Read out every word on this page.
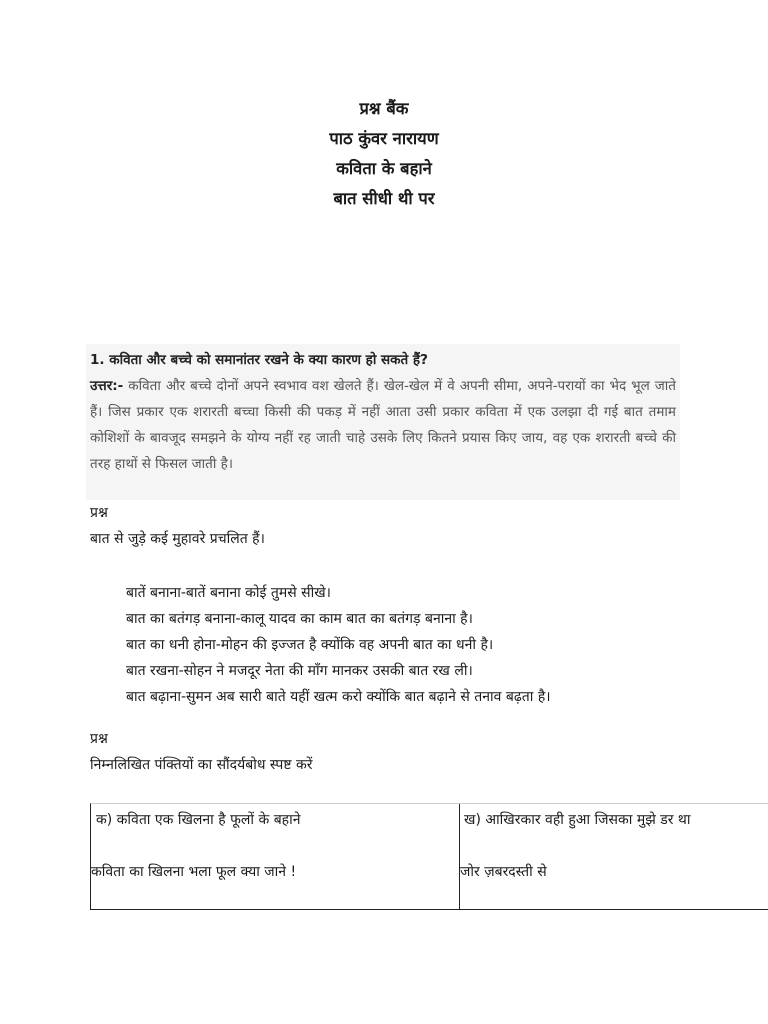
प्रश्न बैंक
पाठ कुंवर नारायण
कविता के बहाने
बात सीधी थी पर
1. कविता और बच्चे को समानांतर रखने के क्या कारण हो सकते हैं?
उत्तर:- कविता और बच्चे दोनों अपने स्वभाव वश खेलते हैं। खेल-खेल में वे अपनी सीमा, अपने-परायों का भेद भूल जाते हैं। जिस प्रकार एक शरारती बच्चा किसी की पकड़ में नहीं आता उसी प्रकार कविता में एक उलझा दी गई बात तमाम कोशिशों के बावजूद समझने के योग्य नहीं रह जाती चाहे उसके लिए कितने प्रयास किए जाय, वह एक शरारती बच्चे की तरह हाथों से फिसल जाती है।
प्रश्न
बात से जुड़े कई मुहावरे प्रचलित हैं।
बातें बनाना-बातें बनाना कोई तुमसे सीखे।
बात का बतंगड़ बनाना-कालू यादव का काम बात का बतंगड़ बनाना है।
बात का धनी होना-मोहन की इज्जत है क्योंकि वह अपनी बात का धनी है।
बात रखना-सोहन ने मजदूर नेता की माँग मानकर उसकी बात रख ली।
बात बढ़ाना-सुमन अब सारी बाते यहीं खत्म करो क्योंकि बात बढ़ाने से तनाव बढ़ता है।
प्रश्न
निम्नलिखित पंक्तियों का सौंदर्यबोध स्पष्ट करें
क) कविता एक खिलना है फूलों के बहाने
कविता का खिलना भला फूल क्या जाने !
ख) आखिरकार वही हुआ जिसका मुझे डर था
जोर ज़बरदस्ती से
